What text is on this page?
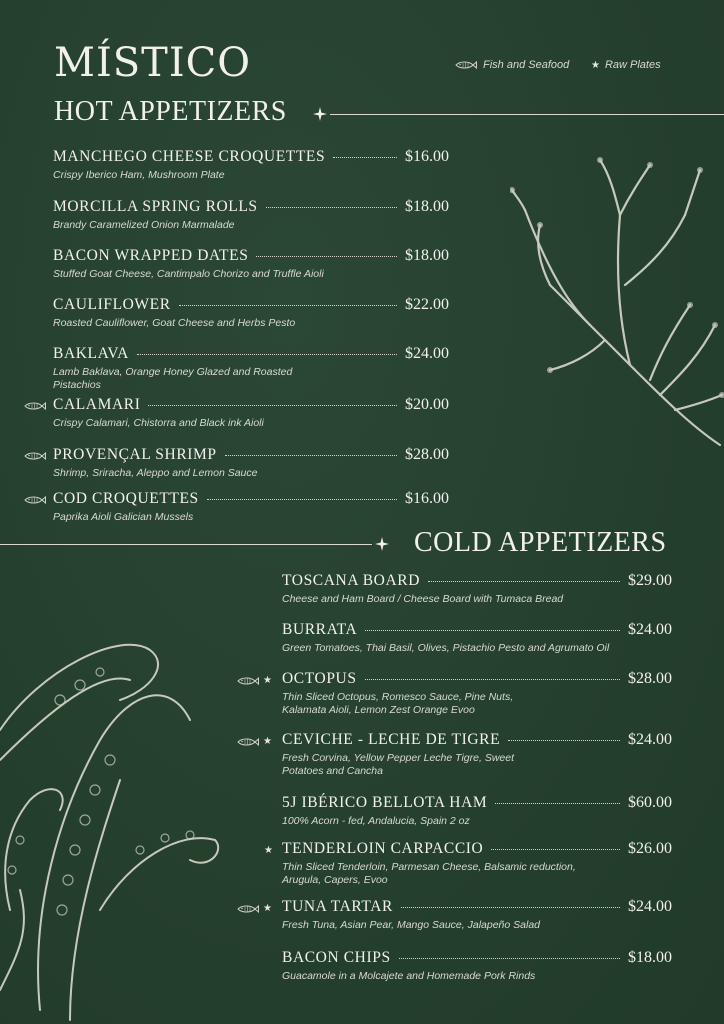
MÍSTICO	Fish and Seafood ★ Raw Plates
HOT APPETIZERS
MANCHEGO CHEESE CROQUETTES	$16.00
Crispy Iberico Ham, Mushroom Plate
MORCILLA SPRING ROLLS	$18.00
Brandy Caramelized Onion Marmalade
BACON WRAPPED DATES	$18.00
Stuffed Goat Cheese, Cantimpalo Chorizo and Truffle Aioli
CAULIFLOWER	$22.00
Roasted Cauliflower, Goat Cheese and Herbs Pesto
BAKLAVA	$24.00
Lamb Baklava, Orange Honey Glazed and Roasted Pistachios
CALAMARI	$20.00
Crispy Calamari, Chistorra and Black ink Aioli
PROVENÇAL SHRIMP	$28.00
Shrimp, Sriracha, Aleppo and Lemon Sauce
COD CROQUETTES	$16.00
Paprika Aioli Galician Mussels
COLD APPETIZERS
TOSCANA BOARD	$29.00
Cheese and Ham Board / Cheese Board with Tumaca Bread
BURRATA	$24.00
Green Tomatoes, Thai Basil, Olives, Pistachio Pesto and Agrumato Oil
★ OCTOPUS	$28.00
Thin Sliced Octopus, Romesco Sauce, Pine Nuts, Kalamata Aioli, Lemon Zest Orange Evoo
★ CEVICHE - LECHE DE TIGRE	$24.00
Fresh Corvina, Yellow Pepper Leche Tigre, Sweet Potatoes and Cancha
5J IBÉRICO BELLOTA HAM	$60.00
100% Acorn - fed, Andalucia, Spain 2 oz
★ TENDERLOIN CARPACCIO	$26.00
Thin Sliced Tenderloin, Parmesan Cheese, Balsamic reduction, Arugula, Capers, Evoo
★ TUNA TARTAR	$24.00
Fresh Tuna, Asian Pear, Mango Sauce, Jalapeño Salad
BACON CHIPS	$18.00
Guacamole in a Molcajete and Homemade Pork Rinds
